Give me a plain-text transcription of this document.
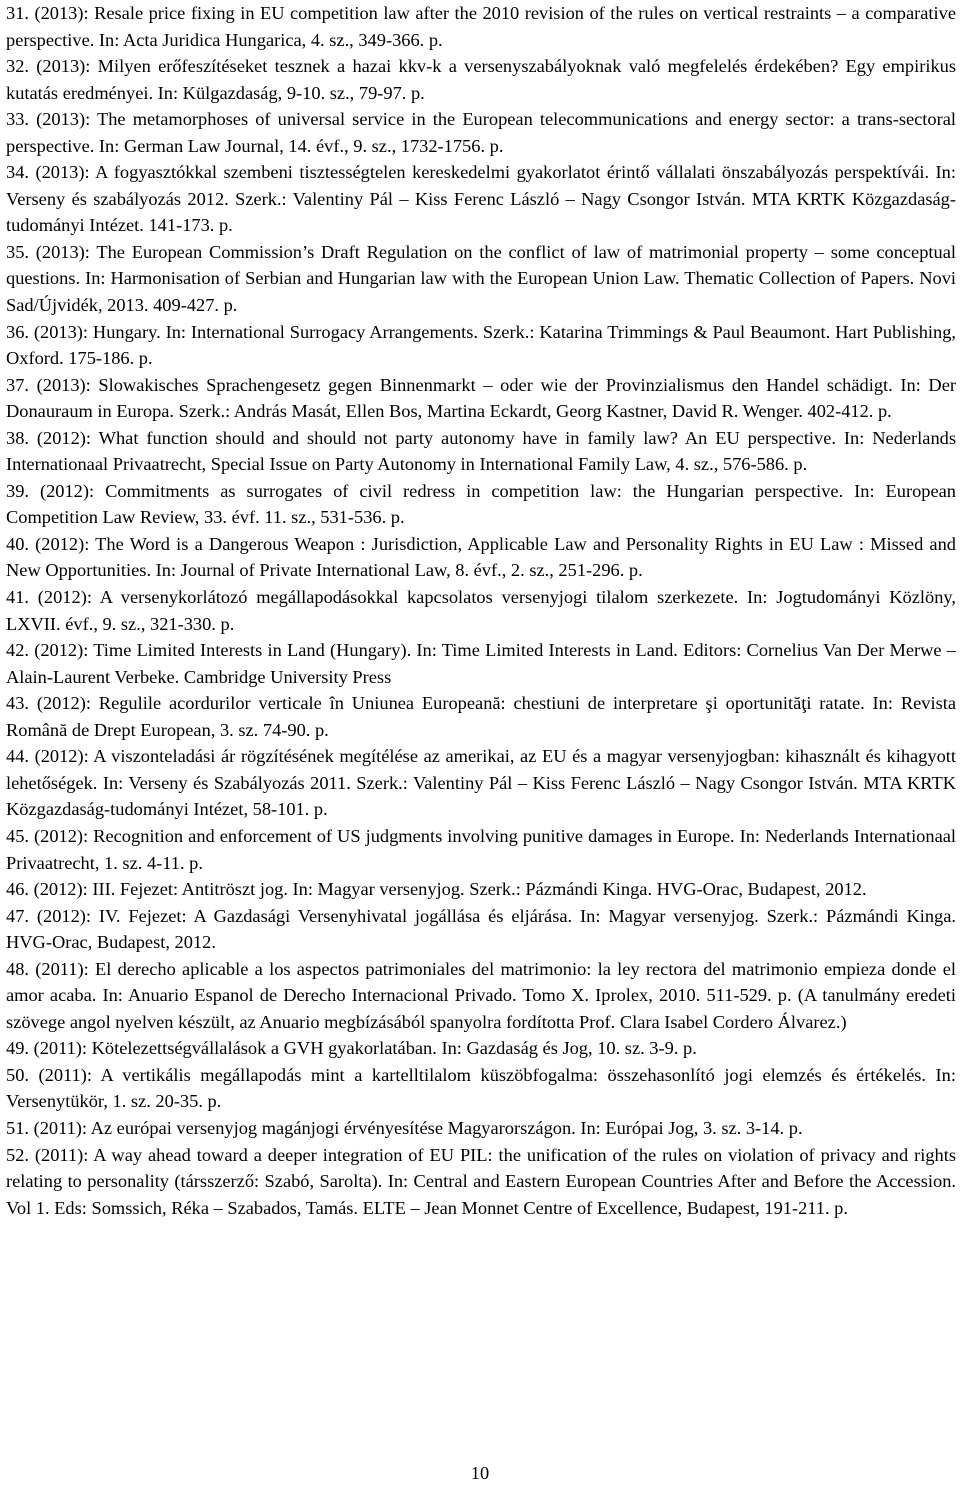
31. (2013): Resale price fixing in EU competition law after the 2010 revision of the rules on vertical restraints – a comparative perspective. In: Acta Juridica Hungarica, 4. sz., 349-366. p.

32. (2013): Milyen erőfeszítéseket tesznek a hazai kkv-k a versenyszabályoknak való megfelelés érdekében? Egy empirikus kutatás eredményei. In: Külgazdaság, 9-10. sz., 79-97. p.

33. (2013): The metamorphoses of universal service in the European telecommunications and energy sector: a trans-sectoral perspective. In: German Law Journal, 14. évf., 9. sz., 1732-1756. p.

34. (2013): A fogyasztókkal szembeni tisztességtelen kereskedelmi gyakorlatot érintő vállalati önszabályozás perspektívái. In: Verseny és szabályozás 2012. Szerk.: Valentiny Pál – Kiss Ferenc László – Nagy Csongor István. MTA KRTK Közgazdaság-tudományi Intézet. 141-173. p.

35. (2013): The European Commission’s Draft Regulation on the conflict of law of matrimonial property – some conceptual questions. In: Harmonisation of Serbian and Hungarian law with the European Union Law. Thematic Collection of Papers. Novi Sad/Újvidék, 2013. 409-427. p.

36. (2013): Hungary. In: International Surrogacy Arrangements. Szerk.: Katarina Trimmings & Paul Beaumont. Hart Publishing, Oxford. 175-186. p.

37. (2013): Slowakisches Sprachengesetz gegen Binnenmarkt – oder wie der Provinzialismus den Handel schädigt. In: Der Donauraum in Europa. Szerk.: András Masát, Ellen Bos, Martina Eckardt, Georg Kastner, David R. Wenger. 402-412. p.

38. (2012): What function should and should not party autonomy have in family law? An EU perspective. In: Nederlands Internationaal Privaatrecht, Special Issue on Party Autonomy in International Family Law, 4. sz., 576-586. p.

39. (2012): Commitments as surrogates of civil redress in competition law: the Hungarian perspective. In: European Competition Law Review, 33. évf. 11. sz., 531-536. p.

40. (2012): The Word is a Dangerous Weapon : Jurisdiction, Applicable Law and Personality Rights in EU Law : Missed and New Opportunities. In: Journal of Private International Law, 8. évf., 2. sz., 251-296. p.

41. (2012): A versenykorlátozó megállapodásokkal kapcsolatos versenyjogi tilalom szerkezete. In: Jogtudományi Közlöny, LXVII. évf., 9. sz., 321-330. p.

42. (2012): Time Limited Interests in Land (Hungary). In: Time Limited Interests in Land. Editors: Cornelius Van Der Merwe – Alain-Laurent Verbeke. Cambridge University Press

43. (2012): Regulile acordurilor verticale în Uniunea Europeană: chestiuni de interpretare şi oportunităţi ratate. In: Revista Română de Drept European, 3. sz. 74-90. p.

44. (2012): A viszonteladási ár rögzítésének megítélése az amerikai, az EU és a magyar versenyjogban: kihasznált és kihagyott lehetőségek. In: Verseny és Szabályozás 2011. Szerk.: Valentiny Pál – Kiss Ferenc László – Nagy Csongor István. MTA KRTK Közgazdaság-tudományi Intézet, 58-101. p.

45. (2012): Recognition and enforcement of US judgments involving punitive damages in Europe. In: Nederlands Internationaal Privaatrecht, 1. sz. 4-11. p.

46. (2012): III. Fejezet: Antitröszt jog. In: Magyar versenyjog. Szerk.: Pázmándi Kinga. HVG-Orac, Budapest, 2012.

47. (2012): IV. Fejezet: A Gazdasági Versenyhivatal jogállása és eljárása. In: Magyar versenyjog. Szerk.: Pázmándi Kinga. HVG-Orac, Budapest, 2012.

48. (2011): El derecho aplicable a los aspectos patrimoniales del matrimonio: la ley rectora del matrimonio empieza donde el amor acaba. In: Anuario Espanol de Derecho Internacional Privado. Tomo X. Iprolex, 2010. 511-529. p. (A tanulmány eredeti szövege angol nyelven készült, az Anuario megbízásából spanyolra fordította Prof. Clara Isabel Cordero Álvarez.)

49. (2011): Kötelezettségvállalások a GVH gyakorlatában. In: Gazdaság és Jog, 10. sz. 3-9. p.

50. (2011): A vertikális megállapodás mint a kartelltilalom küszöbfogalma: összehasonlító jogi elemzés és értékelés. In: Versenytükör, 1. sz. 20-35. p.

51. (2011): Az európai versenyjog magánjogi érvényesítése Magyarországon. In: Európai Jog, 3. sz. 3-14. p.

52. (2011): A way ahead toward a deeper integration of EU PIL: the unification of the rules on violation of privacy and rights relating to personality (társszerző: Szabó, Sarolta). In: Central and Eastern European Countries After and Before the Accession. Vol 1. Eds: Somssich, Réka – Szabados, Tamás. ELTE – Jean Monnet Centre of Excellence, Budapest, 191-211. p.

10
